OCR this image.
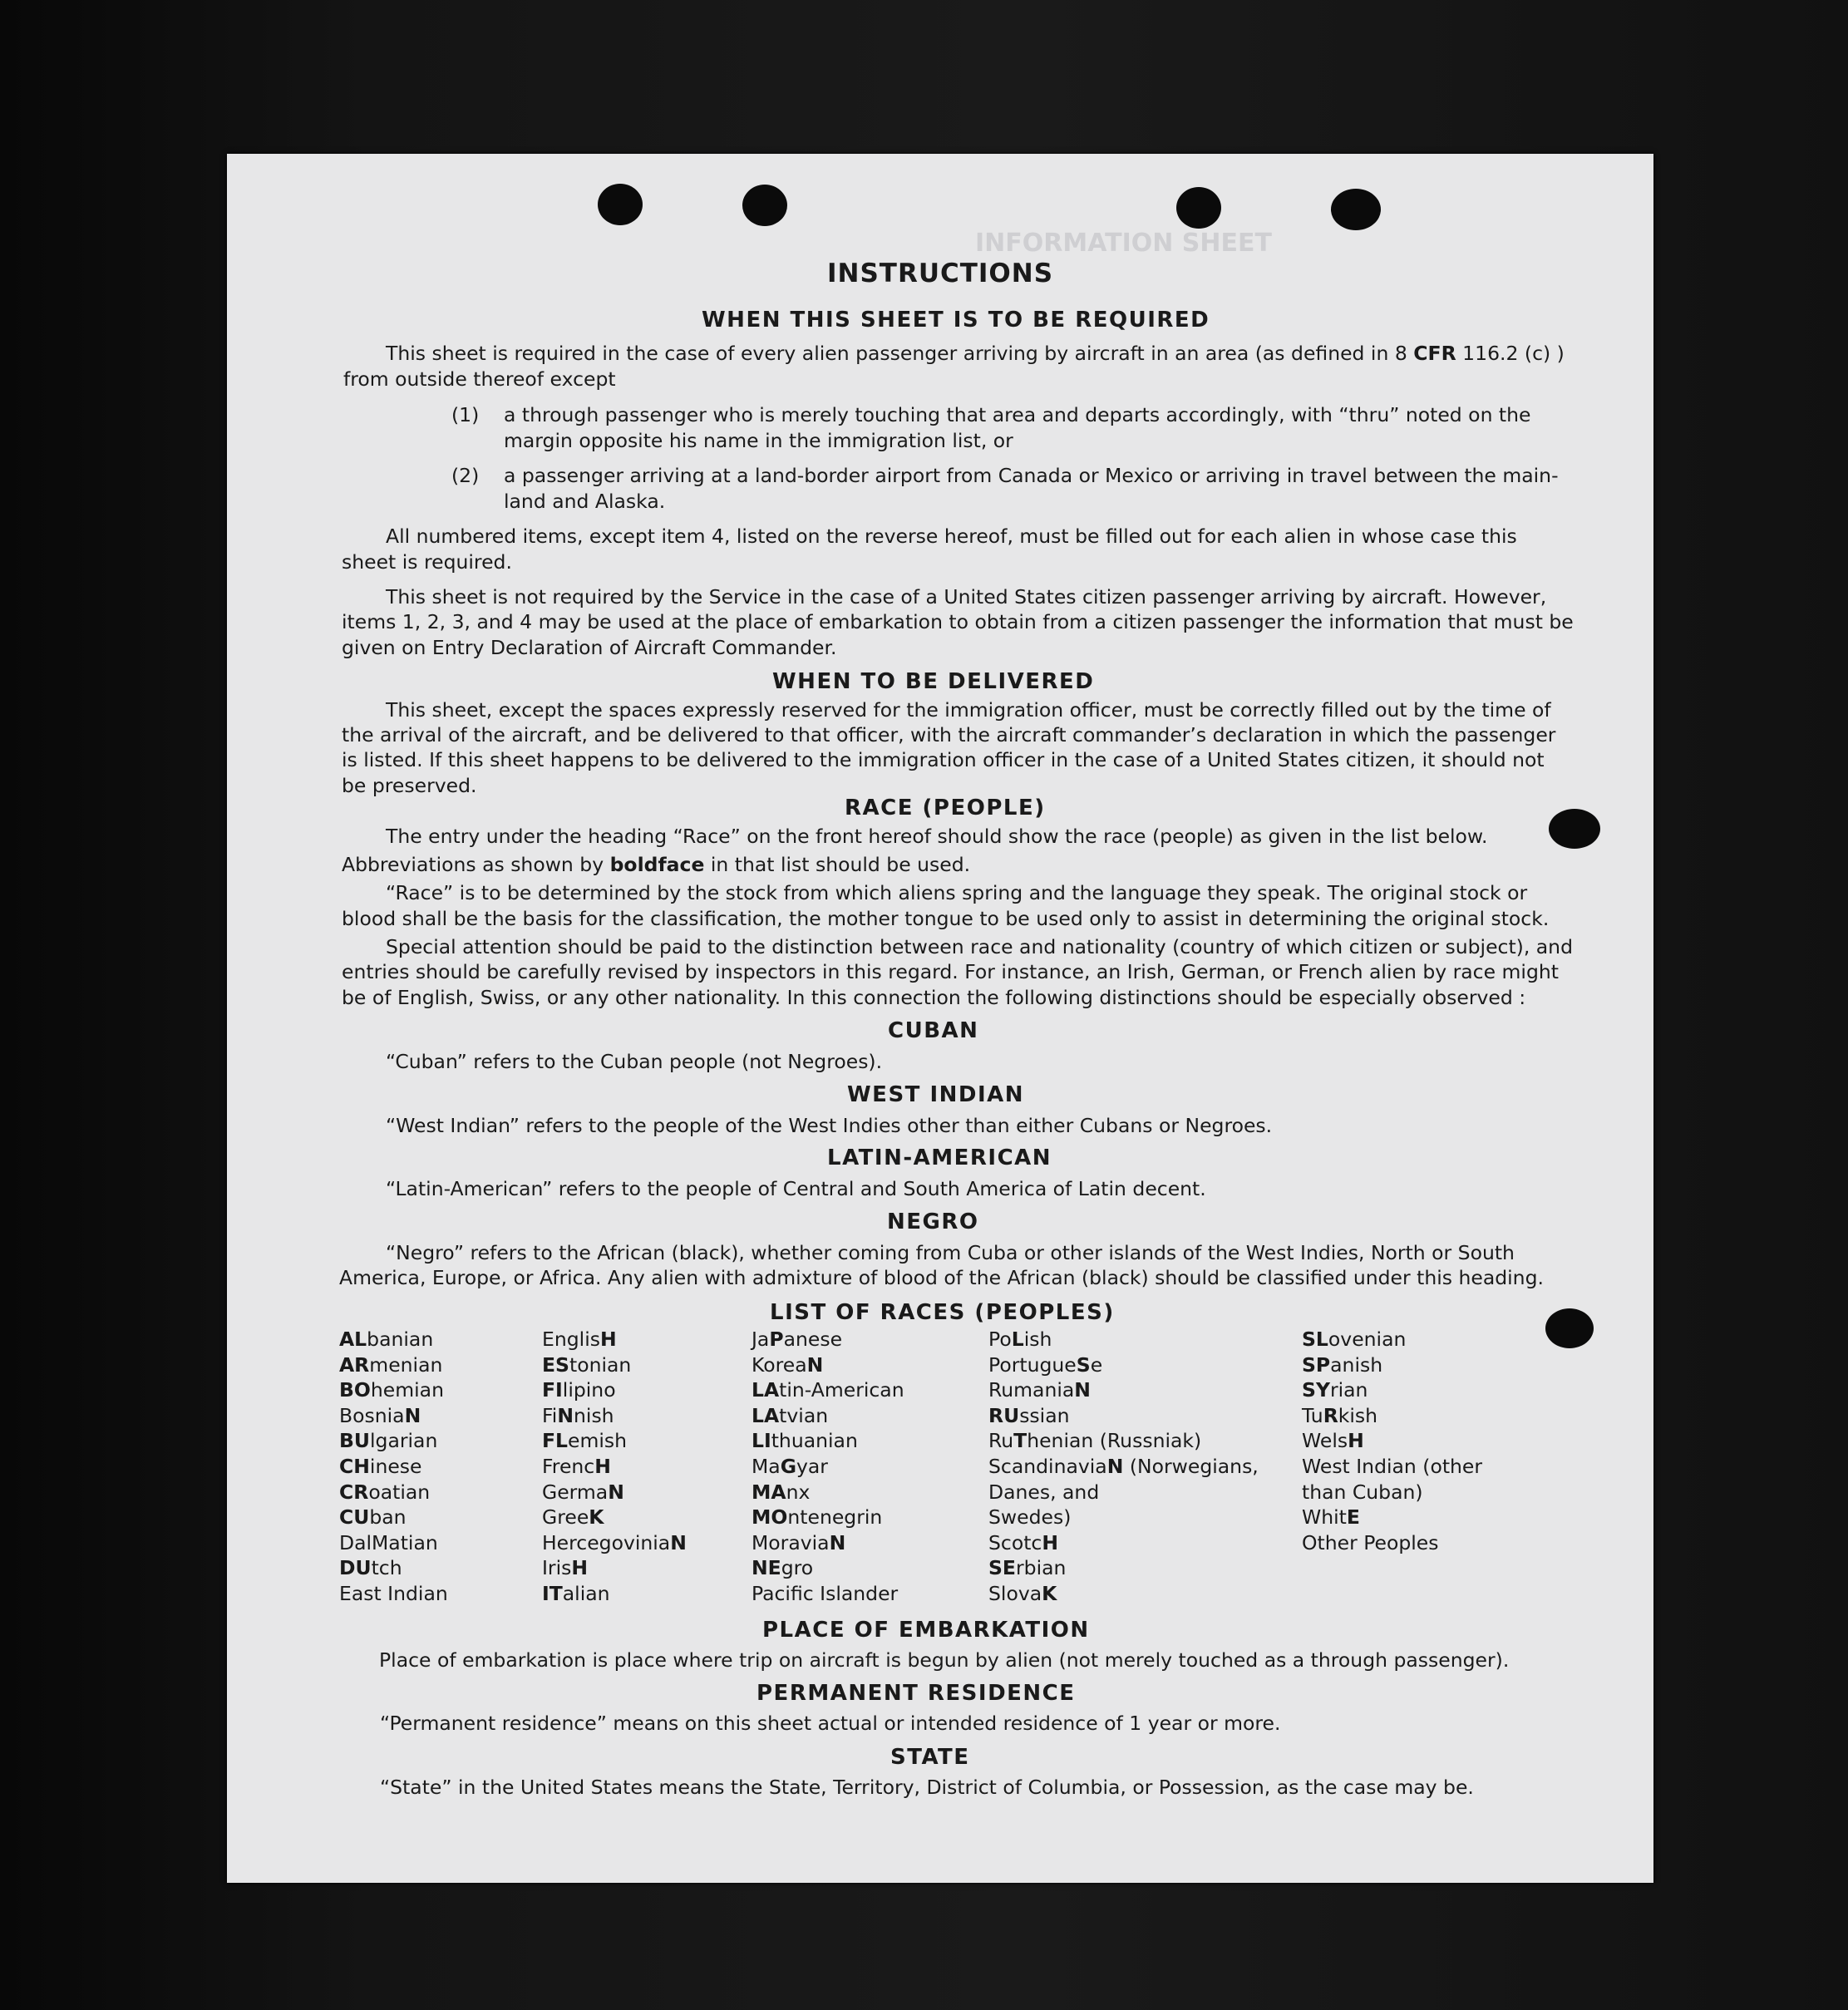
INFORMATION SHEET
INSTRUCTIONS
WHEN THIS SHEET IS TO BE REQUIRED
This sheet is required in the case of every alien passenger arriving by aircraft in an area (as defined in 8 CFR 116.2 (c) )
from outside thereof except
(1) a through passenger who is merely touching that area and departs accordingly, with “thru” noted on the
margin opposite his name in the immigration list, or
(2) a passenger arriving at a land-border airport from Canada or Mexico or arriving in travel between the main-
land and Alaska.
All numbered items, except item 4, listed on the reverse hereof, must be filled out for each alien in whose case this
sheet is required.
This sheet is not required by the Service in the case of a United States citizen passenger arriving by aircraft. However,
items 1, 2, 3, and 4 may be used at the place of embarkation to obtain from a citizen passenger the information that must be
given on Entry Declaration of Aircraft Commander.
WHEN TO BE DELIVERED
This sheet, except the spaces expressly reserved for the immigration officer, must be correctly filled out by the time of
the arrival of the aircraft, and be delivered to that officer, with the aircraft commander’s declaration in which the passenger
is listed. If this sheet happens to be delivered to the immigration officer in the case of a United States citizen, it should not
be preserved.
RACE (PEOPLE)
The entry under the heading “Race” on the front hereof should show the race (people) as given in the list below.
Abbreviations as shown by boldface in that list should be used.
“Race” is to be determined by the stock from which aliens spring and the language they speak. The original stock or
blood shall be the basis for the classification, the mother tongue to be used only to assist in determining the original stock.
Special attention should be paid to the distinction between race and nationality (country of which citizen or subject), and
entries should be carefully revised by inspectors in this regard. For instance, an Irish, German, or French alien by race might
be of English, Swiss, or any other nationality. In this connection the following distinctions should be especially observed :
CUBAN
“Cuban” refers to the Cuban people (not Negroes).
WEST INDIAN
“West Indian” refers to the people of the West Indies other than either Cubans or Negroes.
LATIN-AMERICAN
“Latin-American” refers to the people of Central and South America of Latin decent.
NEGRO
“Negro” refers to the African (black), whether coming from Cuba or other islands of the West Indies, North or South
America, Europe, or Africa. Any alien with admixture of blood of the African (black) should be classified under this heading.
LIST OF RACES (PEOPLES)
ALbanian
ARmenian
BOhemian
BosniaN
BUlgarian
CHinese
CRoatian
CUban
DalMatian
DUtch
East Indian
EnglisH
EStonian
FIlipino
FiNnish
FLemish
FrencH
GermaN
GreeK
HercegoviniaN
IrisH
ITalian
JaPanese
KoreaN
LAtin-American
LAtvian
LIthuanian
MaGyar
MAnx
MOntenegrin
MoraviaN
NEgro
Pacific Islander
PoLish
PortugueSe
RumaniaN
RUssian
RuThenian (Russniak)
ScandinaviaN (Norwegians,
Danes, and
Swedes)
ScotcH
SErbian
SlovaK
SLovenian
SPanish
SYrian
TuRkish
WelsH
West Indian (other
than Cuban)
WhitE
Other Peoples
PLACE OF EMBARKATION
Place of embarkation is place where trip on aircraft is begun by alien (not merely touched as a through passenger).
PERMANENT RESIDENCE
“Permanent residence” means on this sheet actual or intended residence of 1 year or more.
STATE
“State” in the United States means the State, Territory, District of Columbia, or Possession, as the case may be.
